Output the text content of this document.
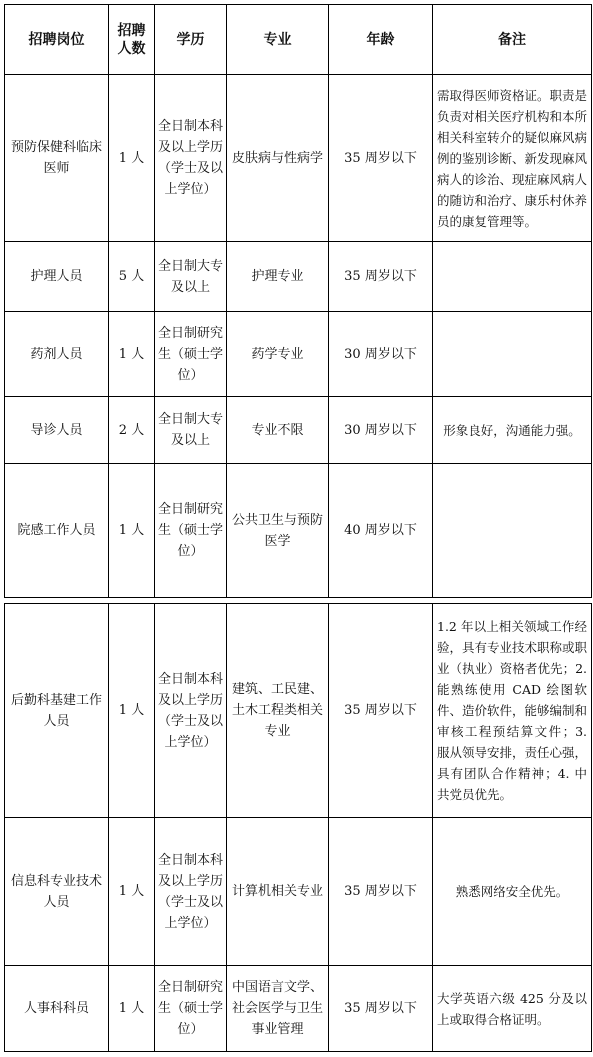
招聘岗位	招聘人数	学历	专业	年龄	备注
预防保健科临床医师	1 人	全日制本科及以上学历（学士及以上学位）	皮肤病与性病学	35 周岁以下	需取得医师资格证。职责是负责对相关医疗机构和本所相关科室转介的疑似麻风病例的鉴别诊断、新发现麻风病人的诊治、现症麻风病人的随访和治疗、康乐村休养员的康复管理等。
护理人员	5 人	全日制大专及以上	护理专业	35 周岁以下	
药剂人员	1 人	全日制研究生（硕士学位）	药学专业	30 周岁以下	
导诊人员	2 人	全日制大专及以上	专业不限	30 周岁以下	形象良好，沟通能力强。
院感工作人员	1 人	全日制研究生（硕士学位）	公共卫生与预防医学	40 周岁以下	
后勤科基建工作人员	1 人	全日制本科及以上学历（学士及以上学位）	建筑、工民建、土木工程类相关专业	35 周岁以下	1.2 年以上相关领域工作经验，具有专业技术职称或职业（执业）资格者优先；2. 能熟练使用 CAD 绘图软件、造价软件，能够编制和审核工程预结算文件；3. 服从领导安排，责任心强，具有团队合作精神；4. 中共党员优先。
信息科专业技术人员	1 人	全日制本科及以上学历（学士及以上学位）	计算机相关专业	35 周岁以下	熟悉网络安全优先。
人事科科员	1 人	全日制研究生（硕士学位）	中国语言文学、社会医学与卫生事业管理	35 周岁以下	大学英语六级 425 分及以上或取得合格证明。
